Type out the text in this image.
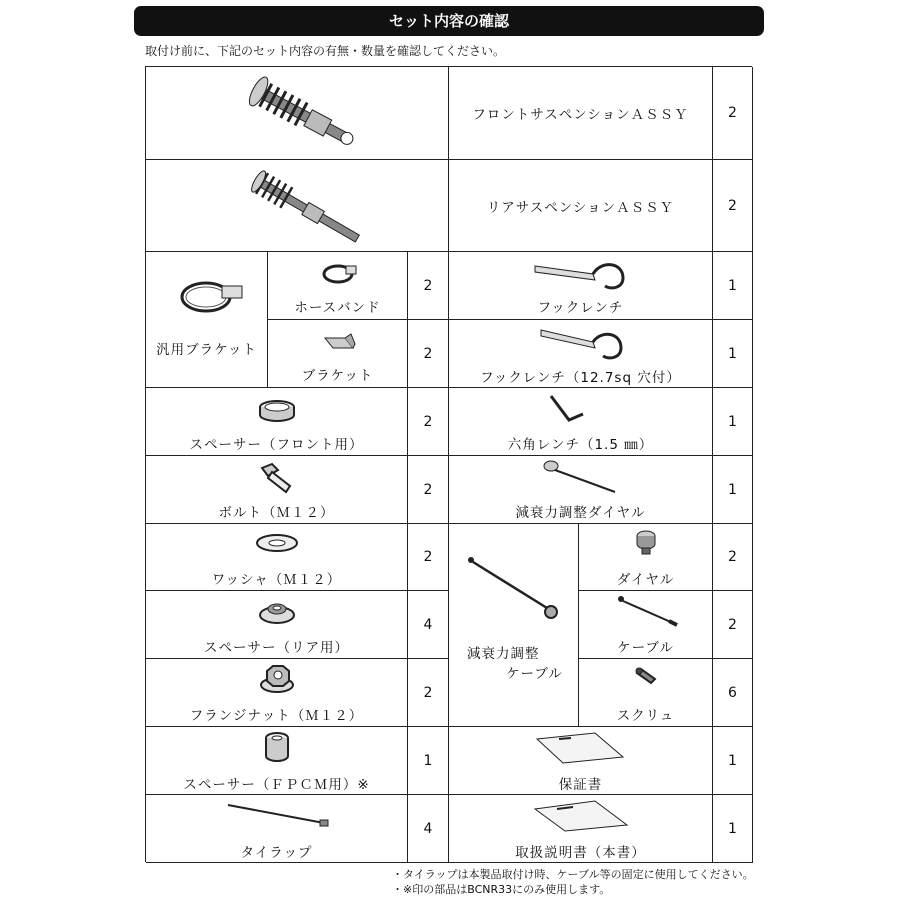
セット内容の確認
取付け前に、下記のセット内容の有無・数量を確認してください。
フロントサスペンションＡＳＳＹ	2
リアサスペンションＡＳＳＹ	2
汎用ブラケット
ホースバンド
2
ブラケット
2
フックレンチ
1
フックレンチ（12.7sq 穴付）
1
スペーサー（フロント用）
2
六角レンチ（1.5 ㎜）
1
ボルト（Ｍ１２）
2
減衰力調整ダイヤル
1
ワッシャ（Ｍ１２）
2
減衰力調整
ケーブル
ダイヤル
2
スペーサー（リア用）
4
ケーブル
2
フランジナット（Ｍ１２）
2
スクリュ
6
スペーサー（ＦＰＣＭ用）※
1
保証書
1
タイラップ
4
取扱説明書（本書）
1
・タイラップは本製品取付け時、ケーブル等の固定に使用してください。
・※印の部品はBCNR33にのみ使用します。
